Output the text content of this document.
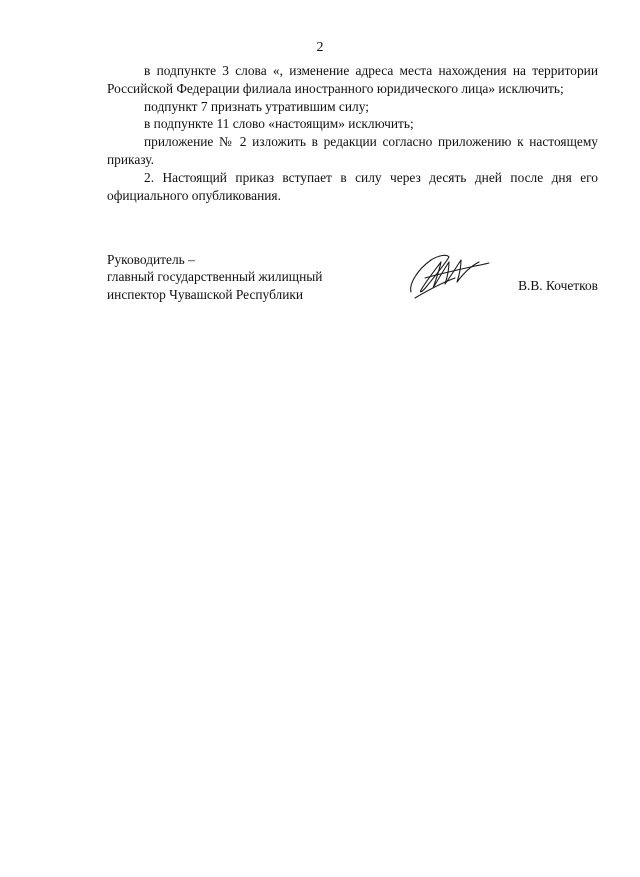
2

в подпункте 3 слова «, изменение адреса места нахождения на территории Российской Федерации филиала иностранного юридического лица» исключить;

подпункт 7 признать утратившим силу;

в подпункте 11 слово «настоящим» исключить;

приложение № 2 изложить в редакции согласно приложению к настоящему приказу.

2. Настоящий приказ вступает в силу через десять дней после дня его официального опубликования.

Руководитель –
главный государственный жилищный
инспектор Чувашской Республики
В.В. Кочетков
